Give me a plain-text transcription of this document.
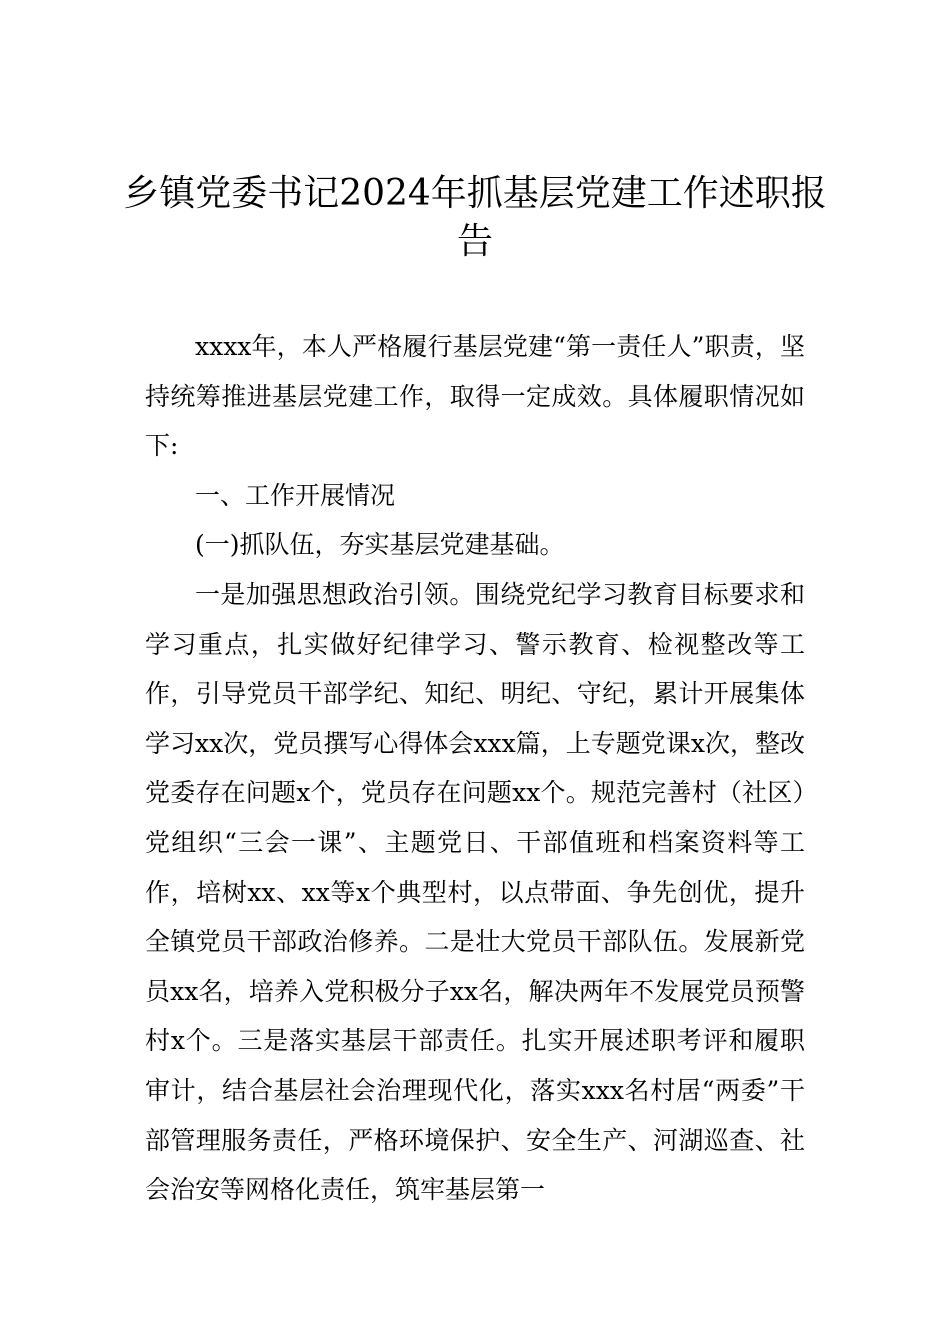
乡镇党委书记2024年抓基层党建工作述职报告

xxxx年，本人严格履行基层党建“第一责任人”职责，坚持统筹推进基层党建工作，取得一定成效。具体履职情况如下:

一、工作开展情况

(一)抓队伍，夯实基层党建基础。

一是加强思想政治引领。围绕党纪学习教育目标要求和学习重点，扎实做好纪律学习、警示教育、检视整改等工作，引导党员干部学纪、知纪、明纪、守纪，累计开展集体学习xx次，党员撰写心得体会xxx篇，上专题党课x次，整改党委存在问题x个，党员存在问题xx个。规范完善村（社区）党组织“三会一课”、主题党日、干部值班和档案资料等工作，培树xx、xx等x个典型村，以点带面、争先创优，提升全镇党员干部政治修养。二是壮大党员干部队伍。发展新党员xx名，培养入党积极分子xx名，解决两年不发展党员预警村x个。三是落实基层干部责任。扎实开展述职考评和履职审计，结合基层社会治理现代化，落实xxx名村居“两委”干部管理服务责任，严格环境保护、安全生产、河湖巡查、社会治安等网格化责任，筑牢基层第一
